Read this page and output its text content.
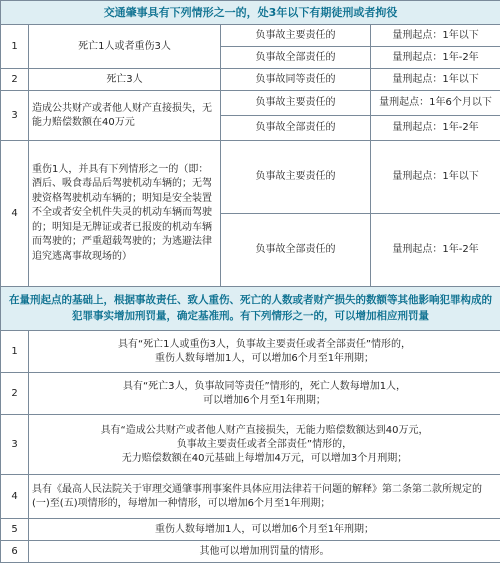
交通肇事具有下列情形之一的，处3年以下有期徒刑或者拘役			
1	死亡1人或者重伤3人	负事故主要责任的	量刑起点：1年以下
		负事故全部责任的	量刑起点：1年-2年
2	死亡3人	负事故同等责任的	量刑起点：1年以下
3	造成公共财产或者他人财产直接损失，无能力赔偿数额在40万元	负事故主要责任的	量刑起点：1年6个月以下
		负事故全部责任的	量刑起点：1年-2年
4	重伤1人，并具有下列情形之一的（即：酒后、吸食毒品后驾驶机动车辆的；无驾驶资格驾驶机动车辆的；明知是安全装置不全或者安全机件失灵的机动车辆而驾驶的；明知是无牌证或者已报废的机动车辆而驾驶的；严重超载驾驶的；为逃避法律追究逃离事故现场的）	负事故主要责任的	量刑起点：1年以下
		负事故全部责任的	量刑起点：1年-2年
在量刑起点的基础上，根据事故责任、致人重伤、死亡的人数或者财产损失的数额等其他影响犯罪构成的犯罪事实增加刑罚量，确定基准刑。有下列情形之一的，可以增加相应刑罚量			
1	具有“死亡1人或重伤3人，负事故主要责任或者全部责任”情形的，
重伤人数每增加1人，可以增加6个月至1年刑期；		

2	具有“死亡3人，负事故同等责任”情形的，死亡人数每增加1人，
可以增加6个月至1年刑期；		

3	具有“造成公共财产或者他人财产直接损失，无能力赔偿数额达到40万元，
负事故主要责任或者全部责任”情形的，
无力赔偿数额在40元基础上每增加4万元，可以增加3个月刑期；		

4	具有《最高人民法院关于审理交通肇事刑事案件具体应用法律若干问题的解释》第二条第二款所规定的(一)至(五)项情形的，每增加一种情形，可以增加6个月至1年刑期；		

5	重伤人数每增加1人，可以增加6个月至1年刑期；		

6	其他可以增加刑罚量的情形。		
